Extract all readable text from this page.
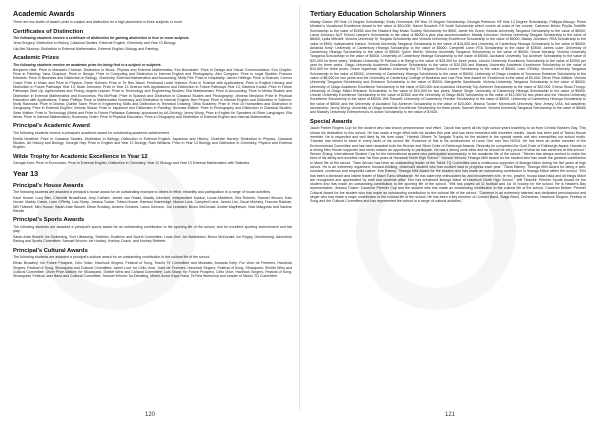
Academic Awards

There are two levels of award: prize in subject and distinction for a high placement in three subjects or more.

Certificates of Distinction

The following students receive a certificate of distinction for gaining distinction in four or more subjects.

Jena Gregory: Distinction in History, Classical Studies, External English, Chemistry and Year 13 Biology.

Lily-Mei Stuckey: Distinction in External Mathematics, External English, Biology and Painting.

Academic Prizes

The following students receive an academic prize for being first in a subject or subjects.

Benjamin Hale: Prize in Mandarin Chinese, Distinction in Music, Physics and External Mathematics; Eric Burmaster: Prize in Design and Visual Communication; Eva Chaplin: Prize in Painting; Yana Chapinor: Prize in Design, Prize in Computing and Distinction in Internal English and Photography; Alex Congdon: Prize in Legal Studies; Frances Edwards: Prize in Business and Distinction in Biology, Chemistry, External Mathematics and Accounting; Molly Flirt: Prize in Hospitality; James Hellings: Prize in Science; Connor Grant: Prize in Music and Prize in Physics; Gwen Holmes: Prize in Te Reo Maori; Ferdinand Lizzie Halston: Prize in Science with Applications, Prize in English Literacy and Distinction in Future Pathways Year 13; Noah Johnston: Prize in Year 13 Science with Applications and Distinction in Future Pathways Year 13; Katerina Konka: Prize in Future Pathways Start Up, Agribusiness and Pining; Angela Leipner: Prize in Technology and Engineering Studies; Ella Matthewman: Prize in Accounting, Prize in Media Studies and Distinction in External Mathematics and Economics; Pia McPhail: Prize in Spanish and Distinction in Classical Studies and Photography; Jemima Newland: Prize in Physical Education with Applications; Tristan Phillips: Prize in Mathematics Numeracy and Distinction in Internal English; Ben Peryai: Prize in Internal English and Distinction in Science; Molly Rasmuss: Prize in Drama; Quintin Saxe: Prize in Engineering Skills and Distinction in Technical Drawing; Otilia Sodarles: Prize in Year 10 Humanities and Distinction in Geography, Prize in External English; Victoria Stokar: Prize in Japanese and Distinction in Painting; Nicholas Walker: Prize in Photography and Distinction in Classical Studies; Sean Walker: Prize in Technology (Metal and Prize in Future Pathways Gateway, sponsored by AA Driving); Jenny Wong: Prize in English for Speakers of Other Languages; Ella Wrow: Prize in Internal Mathematics; Rosemary Yoder: Prize in Physical Education, Prize in Geography and Distinction in External English and Internal Mathematics.

Principal's Academic Award

The following students receive a principal's academic award for outstanding academic achievement.

Emilia Newfield: Prize in Classical Studies, Distinction in Biology, Distinction in External English, Japanese and History; Charlotte Harvey: Distinction in Physics, Classical Studies, Art History and Biology; Georgie Hay: Prize in English and Year 12 Biology; Rani Williams: Prize in Year 13 Biology and Distinction in Chemistry, Physics and External English.

Wilde Trophy for Academic Excellence in Year 12

Georgia Kam: Prize in Economics, Prize in External English, Distinction in Chemistry, Year 12 Biology and Year 13 External Mathematics with Statistics

Year 13
Principal's House Awards

The following students are awarded a principal's house award for an outstanding example to others in effort, reliability and participation in a range of house activities.

Kauri House: Lucy Bier, Charlotte Broadhurst, Amy Calham, James van Graad, Maddy Johnston, Independent Kakkur, Lucas Maddens, Ella Roberts, Samuel Wroom; Kaio House: Maddy Clarke, Liam O'Reilly, Luis Sharp, Jessica Tucker; Totara House: Harrison Bainbridge, Mason Lock, Campbell Lane, James Lim, Oscar Moriarty, Frances Rakhae, Will Tidswell; Miro House: Sarah-Kate Bissett, Ethan Brodsky, Andrew Greaves, Laura Johnson, Joe Ledward, Bruno McDonald, Amber Maytheson, Nick Mangolds and Saoirse Randle.

Principal's Sports Awards

The following students are awarded a principal's sports award for an outstanding contribution to the sporting life of the school, and for excellent sporting achievement and fair play.

Sarah-Kate Bissett: Ice Swimming, Surf Lifesaving, Triathlon, Duathlon and Sports Committee; Linda Gee: Ice Badminton; Bruno McDonald: Ice Rugby, Orienteering, Adventure Racing and Sports Committee; Samuel Wroom: Ice Hockey, Hockey Coach, and Hockey Referee.

Principal's Cultural Awards

The following students are awarded a principal's cultural award for an outstanding contribution to the cultural life of the school.

Ethan Broadley: Ice Future Prospect, Celo Voice, Havelock Singers, Festival of Song, Teachr 'N' Committee and Musicals; Amanda Kelly: For Voce de Femmes, Havelock Singers, Festival of Song, Showquest and Cultural Committee; Jaime Lust: for Cello Voce, Voce de Femmes, Havelock Singers, Festival of Song, Showquest, Shellet Wins and Cultural Committee; Oliver Price-Walker: for Showquest, Sheilet Wins and Cultural Committee; Luis Sharp: for Future Prospect, Cello Voce, Havelock Singers, Festival of Song, Showquest, Festival Jazz Band and Cultural Committee; Samuel Wroom: for Debating, Mixed Junior Kapa Haka, Te Rea Workshop and Leader of Taiohu TQ Committee.

Tertiary Education Scholarship Winners

Maddy Clarke: Eff Year 13 Degree Scholarship; Emily Overmans: Eff Year 13 Degree Scholarship; Georgia Peterson: Eff Year 13 Degree Scholarship; Philippa Allsopp: Prime Minister's Vocational Excellence Award to the value of $20,000; Naomi Bouchet: Eff Youth Scholarship which covers all costs of her course; Cameron Bristo: Phyllis Sutcliffe Scholarship to the value of $2000 and the Hawke's Bay Music Society Scholarship for $900; Jamie Mc Grant: Victoria University Tangaroa Scholarship to the value of $5000; Laura Johnson: AUT School Lawyer's Scholarship to the value of $6000 a year plus accommodation; Maddy Johnston: Victoria University Tangata Scholarship to the value of $6000; Lydia Mitchell: Victoria University Te Tangata Scholarship and Victoria University Excellence Scholarship to the value of $5000; Maddy Johnston: RSA Scholarship to the value of $500; Independent Kakkur: Victoria University Tangaroa Scholarship to the value of $10,000 and University of Canterbury Hiranga Scholarship to the value of $5000; Amanda Kelly: University of Canterbury Hiranga Scholarship to the value of $5000; Campbell Lane: RTA Scholarship to the value of $3500; James Luke: University of Canterbury Hiranga Scholarship to the value of $5000; Quinn McKie: Victoria University Tangaroa Scholarship to the value of $5000; Oscar Moriarty: Victoria University Tangaroa Scholarship to the value of $5000, University of Canterbury Hiranga Scholarship to the value of $5000, Auckland University Top Achiever Scholarship to the value of $20,000 for three years, Waikato University Te Paewai o te Rangi to the value of $25,000 for three years, Lincoln University Excellence Scholarship to the value of $2000 per year for three years, Otago University Academic Excellence Scholarship to the value of $20,000 and Massey University Academic Excellence Scholarship to the value of $10,000 for three years; Grace Ngarewai: Waikato University Kia Tū Tangata School Leaver Scholarship to the value of $5000; Liam O'Reilly: Victoria University Tangaroa Scholarship to the value of $5000, University of Canterbury Hiranga Scholarship to the value of $5000, University of Otago Leaders of Tomorrow Entrance Scholarship to the value of $8,000 for two years and the University of Canterbury College of Business and Law First Year Award for Excellence to the value of $3,000; Oliver Price-Walker: Victoria University Tangaroa Scholarship and Entrance Scholarship to the value of $3000; Marguerite Sandilands: Victoria University Tangaroa Scholarship to the value of $5000, University of Otago Academic Excellence Scholarship to the value of $20,000 and Auckland University Top Achiever Scholarship to the value of $20,000; Emma Shaw-Thrupp: University of Otago Māori Entrance Scholarship to the value of $10,000 for two years; Maeve Singh: University of Canterbury Hiranga Scholarship to the value of $5000, Lincoln University Excellence Scholarship to the value of $2000 and the University of Otago BDN Scholarship to the value of $12,000 for two years and the Victoria University Excellence Scholarship to the value of $5000; Will Tidswell: University of Canterbury Premier Scholarship to the value of $5000, University of Canterbury Hiranga Scholarship to the value of $8000 and the University of Auckland Top Achiever Scholarship to the value of $20,000; Jessica Tucker: Monmouth University, New Jersey, USA, full academic scholarship; Jenny Wong: University of Otago Academic Excellence Scholarship for three years; Samuel Wroom: Victoria University Tangaroa Scholarship to the value of $5000 and Massey University Entrepreneurs in Action Scholarship to the value of $7000.

Special Awards

Jacob Parker Rogers Cup for the student who has shown perseverance and effort. "Jacob has spent all his high school years travelling to us from Central Hawke's Bay. This shows his dedication to this school. He has made a huge effort with his studies this year and has been rewarded with excellent results. Jacob has been part of Taiohu House member. He is respected and well liked by his form class." Hamish Gilbert: Te Tangata Trophy for the student in the special needs unit who exemplifies our school motto. "Hamish has strived to excel in every facet of his school life. Evidence of this is his achievement of Level One and Two NCEA. He has been an active member of the Environmental Committee and has been awarded both the Bronze and Silver Duke of Edinburgh Awards. Recently he completed the Gold Duke of Edinburgh Award. Hamish is a strong Miro House supporter and never misses an opportunity to participate. He has a strong work ethic and he should be very proud of what he has achieved at this school." Steven Zhang: International Student Cup for the international student who participated successfully in the academic life of the school. "Steven has always worked to make the best of his ability and excelled near his final years at Havelock North High School." Samuel Wroom: Tihanga Mihi Award for the student who has made the greatest contribution to Maori life at the school. "Sam Wroom has been an outstanding leader of the Taiohi TQ Committee and a continuous supporter of tikanga Māori during his five years at high school. He is an extremely organised, forward-thinking, observant student who has worked hard to progress each year." Tiana Rainey: Tihanga Mihi Award for being a well-rounded, courteous and respectful nature. Eris Rainey: Tihanga Mihi Award for the student who has made an outstanding contribution to tikanga Māori within the school. "Eris has been a dominant and visible leader of Maori Tumu Whakarae. He has taken the enthusiasm for, and involvement with, te reo, powhiri, hoopa kapa haka and all things Māori are recognised and appreciated by staff and students alike. Eris has enhanced tikanga Māori at Havelock North High School." Will Tidswell: Premier Sports Award for the student who has made an outstanding contribution to the sporting life of the school. "Will has played all 11 football and 1st XI hockey for the school. He is Hawke's Bay representative, Jessica Tucker: Cameron Premier Cup and the student who has made an outstanding contribution to the cultural life of the school. Cameron Brister: Premier Cultural Award for the student who has made an outstanding contribution to the cultural life of the school. "Cameron is an extremely talented and dedicated percussionist and singer who has made a major contribution to the cultural life of the school. He has been a key member of Concert Band, Stage Band, Orchestras, Havelock Singers, Festival of Song and the Cultural Committee and has represented the school in a range of cultural activities."

120	121
